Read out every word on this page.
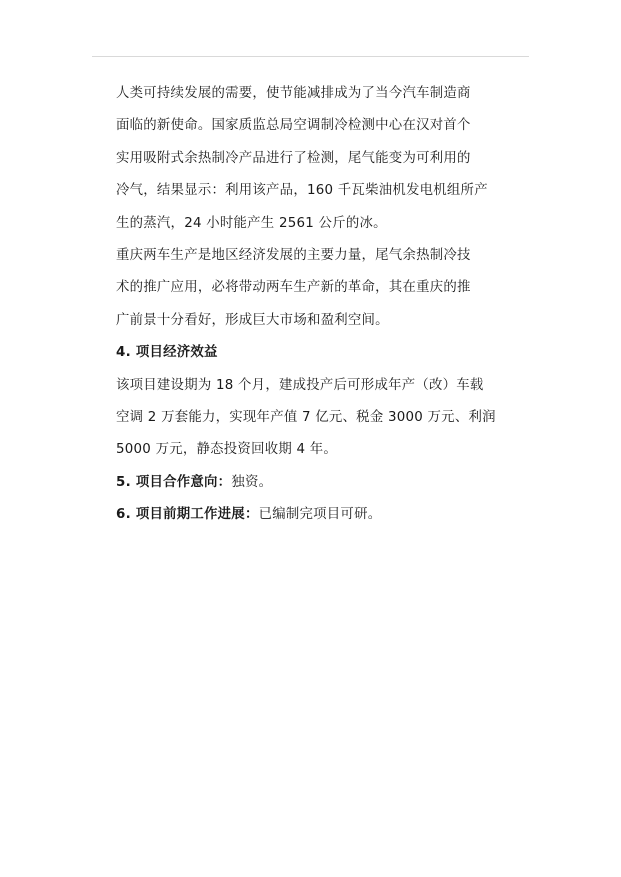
人类可持续发展的需要，使节能减排成为了当今汽车制造商
面临的新使命。国家质监总局空调制冷检测中心在汉对首个
实用吸附式余热制冷产品进行了检测，尾气能变为可利用的
冷气，结果显示：利用该产品，160 千瓦柴油机发电机组所产
生的蒸汽，24 小时能产生 2561 公斤的冰。
重庆两车生产是地区经济发展的主要力量，尾气余热制冷技
术的推广应用，必将带动两车生产新的革命，其在重庆的推
广前景十分看好，形成巨大市场和盈利空间。
4. 项目经济效益
该项目建设期为 18 个月，建成投产后可形成年产（改）车载
空调 2 万套能力，实现年产值 7 亿元、税金 3000 万元、利润
5000 万元，静态投资回收期 4 年。
5. 项目合作意向：独资。
6. 项目前期工作进展：已编制完项目可研。
